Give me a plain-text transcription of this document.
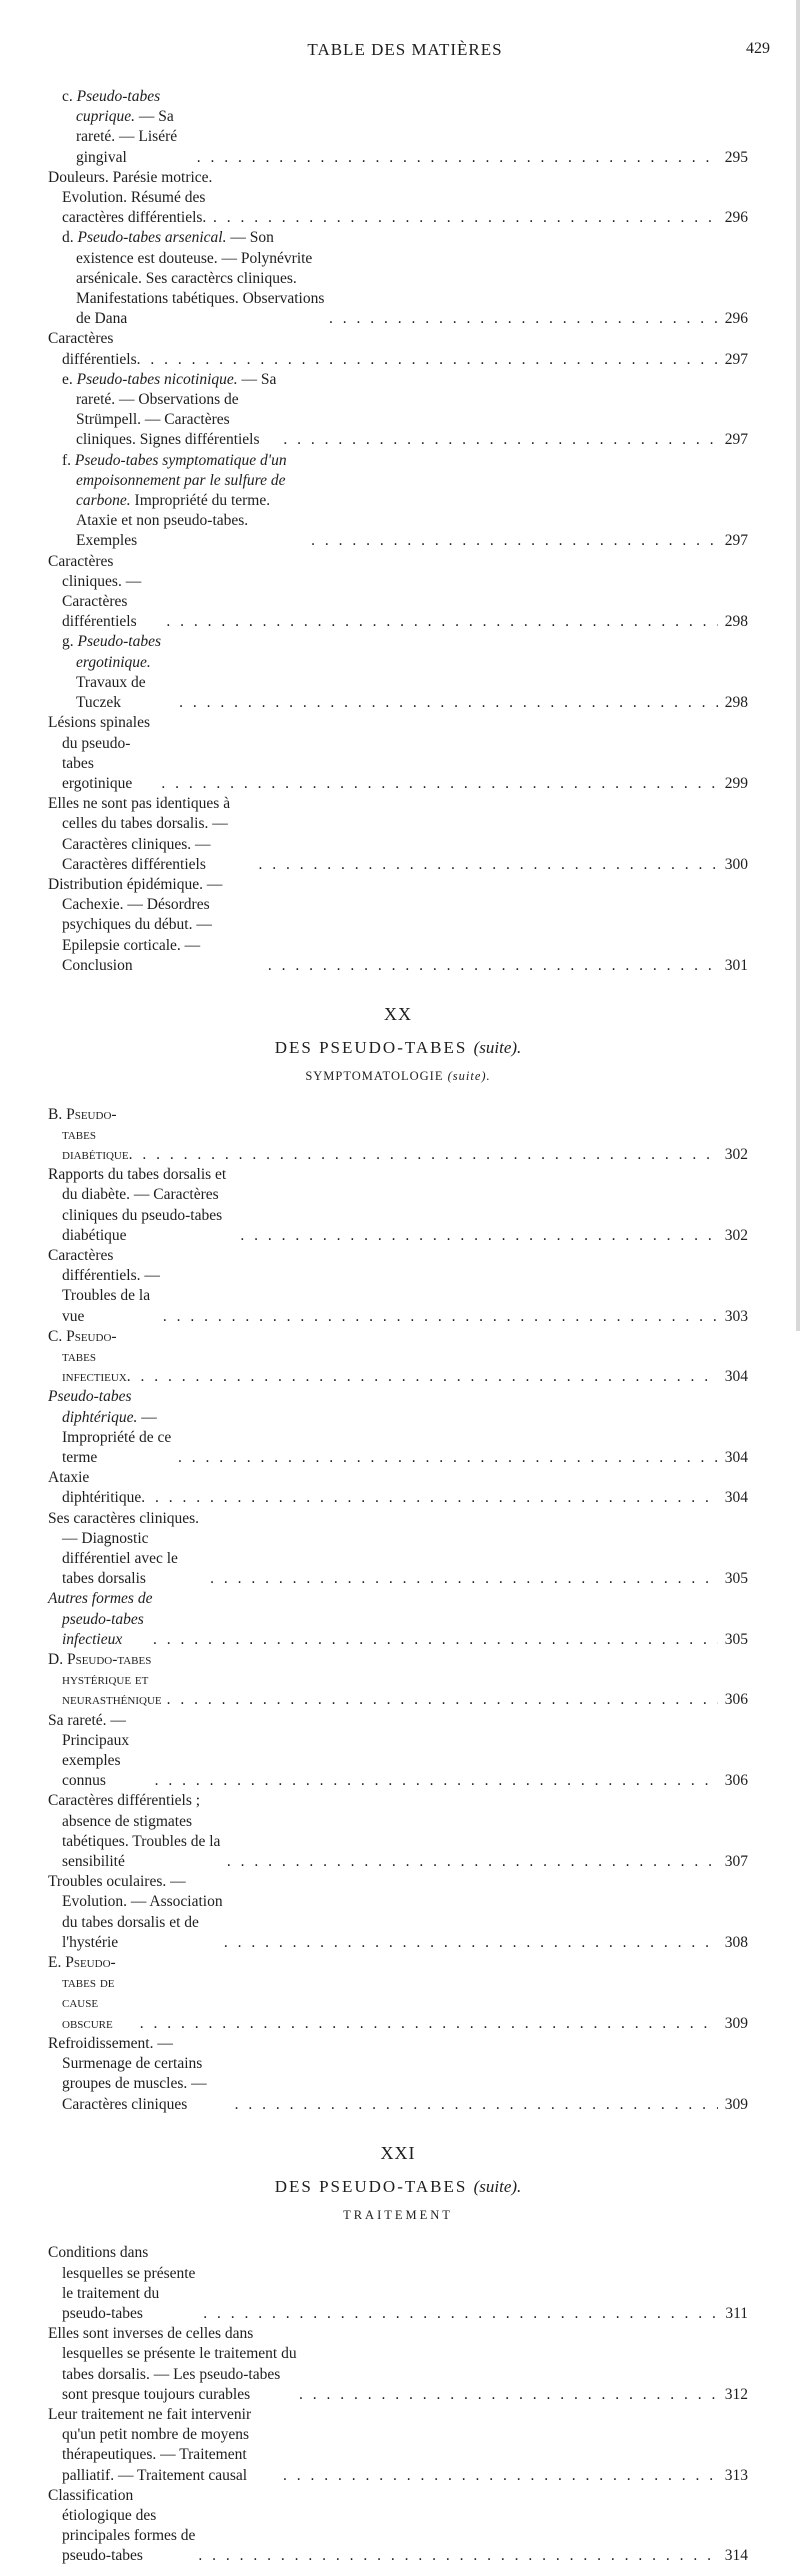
TABLE DES MATIÈRES	429
c. Pseudo-tabes cuprique. — Sa rareté. — Liséré gingival . . .	295
Douleurs. Parésie motrice. Evolution. Résumé des caractères différentiels. . . .	296
d. Pseudo-tabes arsenical. — Son existence est douteuse. — Polynévrite arsénicale. Ses caractèrcs cliniques. Manifestations tabétiques. Observations de Dana . . .	296
Caractères différentiels . . .	297
e. Pseudo-tabes nicotinique. — Sa rareté. — Observations de Strümpell. — Caractères cliniques. Signes différentiels . . .	297
f. Pseudo-tabes symptomatique d'un empoisonnement par le sulfure de carbone. Impropriété du terme. Ataxie et non pseudo-tabes. Exemples . . .	297
Caractères cliniques. — Caractères différentiels . . .	298
g. Pseudo-tabes ergotinique. Travaux de Tuczek . . .	298
Lésions spinales du pseudo-tabes ergotinique . . .	299
Elles ne sont pas identiques à celles du tabes dorsalis. — Caractères cliniques. — Caractères différentiels . . .	300
Distribution épidémique. — Cachexie. — Désordres psychiques du début. — Epilepsie corticale. — Conclusion . . .	301
XX
DES PSEUDO-TABES (suite).
SYMPTOMATOLOGIE (suite).
B. Pseudo-tabes diabétique . . .	302
Rapports du tabes dorsalis et du diabète. — Caractères cliniques du pseudo-tabes diabétique . . .	302
Caractères différentiels. — Troubles de la vue . . .	303
C. Pseudo-tabes infectieux . . .	304
Pseudo-tabes diphtérique. — Impropriété de ce terme . . .	304
Ataxie diphtéritique . . .	304
Ses caractères cliniques. — Diagnostic différentiel avec le tabes dorsalis . . .	305
Autres formes de pseudo-tabes infectieux . . .	305
D. Pseudo-tabes hystérique et neurasthénique . . .	306
Sa rareté. — Principaux exemples connus . . .	306
Caractères différentiels ; absence de stigmates tabétiques. Troubles de la sensibilité . . .	307
Troubles oculaires. — Evolution. — Association du tabes dorsalis et de l'hystérie . . .	308
E. Pseudo-tabes de cause obscure . . .	309
Refroidissement. — Surmenage de certains groupes de muscles. — Caractères cliniques . . .	309
XXI
DES PSEUDO-TABES (suite).
TRAITEMENT
Conditions dans lesquelles se présente le traitement du pseudo-tabes . . .	311
Elles sont inverses de celles dans lesquelles se présente le traitement du tabes dorsalis. — Les pseudo-tabes sont presque toujours curables . . .	312
Leur traitement ne fait intervenir qu'un petit nombre de moyens thérapeutiques. — Traitement palliatif. — Traitement causal . . .	313
Classification étiologique des principales formes de pseudo-tabes . . .	314
